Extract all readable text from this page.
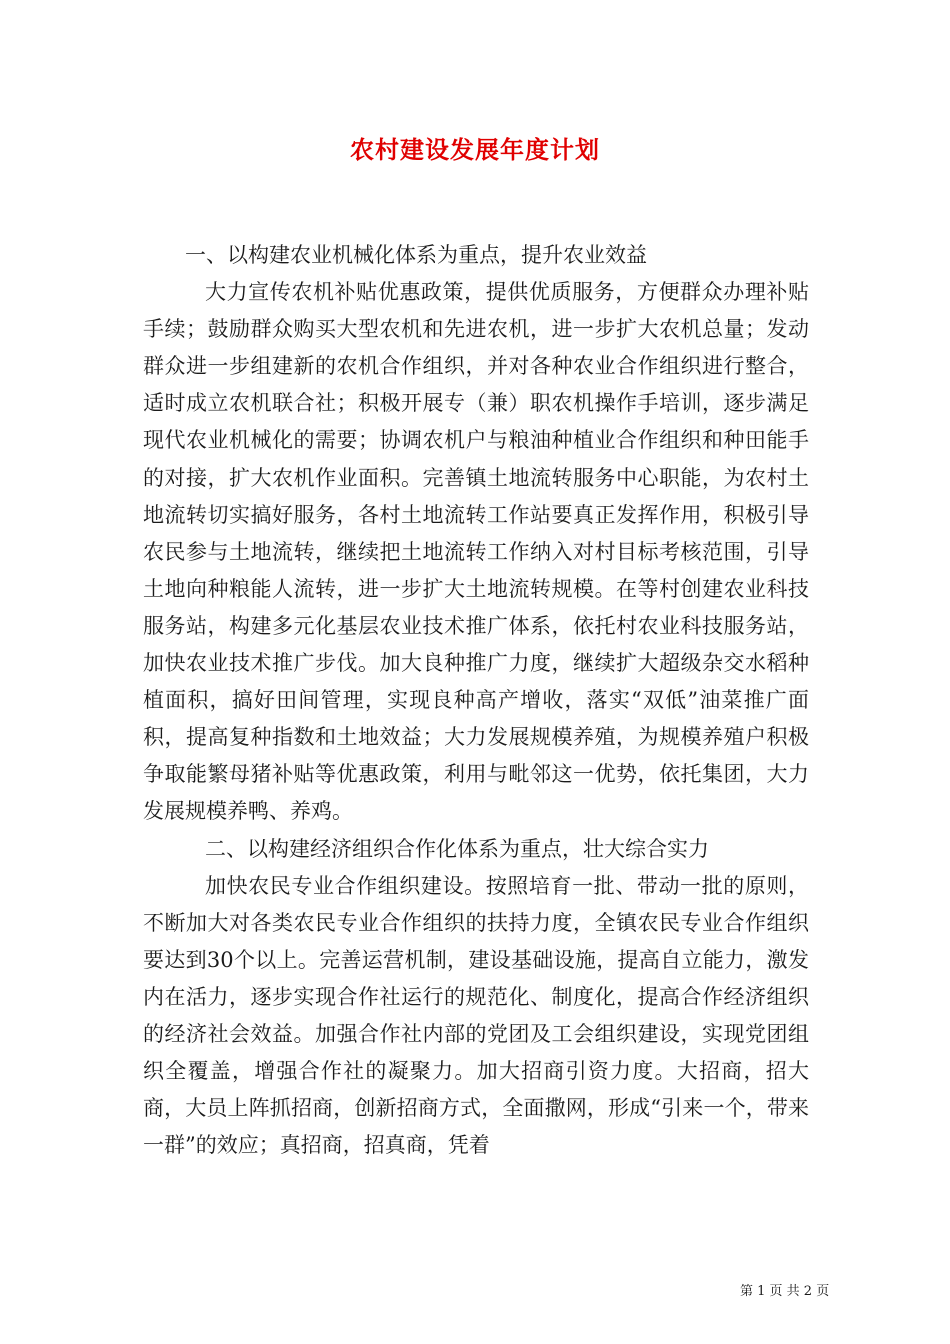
农村建设发展年度计划

一、以构建农业机械化体系为重点，提升农业效益

大力宣传农机补贴优惠政策，提供优质服务，方便群众办理补贴手续；鼓励群众购买大型农机和先进农机，进一步扩大农机总量；发动群众进一步组建新的农机合作组织，并对各种农业合作组织进行整合，适时成立农机联合社；积极开展专（兼）职农机操作手培训，逐步满足现代农业机械化的需要；协调农机户与粮油种植业合作组织和种田能手的对接，扩大农机作业面积。完善镇土地流转服务中心职能，为农村土地流转切实搞好服务，各村土地流转工作站要真正发挥作用，积极引导农民参与土地流转，继续把土地流转工作纳入对村目标考核范围，引导土地向种粮能人流转，进一步扩大土地流转规模。在等村创建农业科技服务站，构建多元化基层农业技术推广体系，依托村农业科技服务站，加快农业技术推广步伐。加大良种推广力度，继续扩大超级杂交水稻种植面积，搞好田间管理，实现良种高产增收，落实“双低”油菜推广面积，提高复种指数和土地效益；大力发展规模养殖，为规模养殖户积极争取能繁母猪补贴等优惠政策，利用与毗邻这一优势，依托集团，大力发展规模养鸭、养鸡。

二、以构建经济组织合作化体系为重点，壮大综合实力

加快农民专业合作组织建设。按照培育一批、带动一批的原则，不断加大对各类农民专业合作组织的扶持力度，全镇农民专业合作组织要达到30个以上。完善运营机制，建设基础设施，提高自立能力，激发内在活力，逐步实现合作社运行的规范化、制度化，提高合作经济组织的经济社会效益。加强合作社内部的党团及工会组织建设，实现党团组织全覆盖，增强合作社的凝聚力。加大招商引资力度。大招商，招大商，大员上阵抓招商，创新招商方式，全面撒网，形成“引来一个，带来一群”的效应；真招商，招真商，凭着

第 1 页 共 2 页
